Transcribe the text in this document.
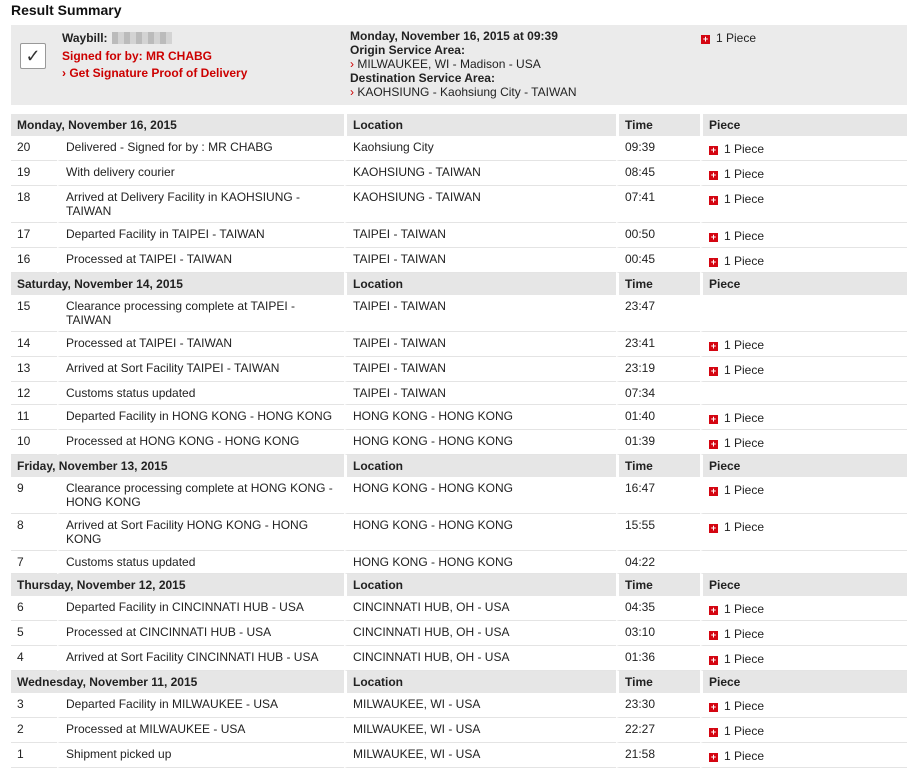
Result Summary
✓
Waybill:
Signed for by: MR CHABG
› Get Signature Proof of Delivery
Monday, November 16, 2015 at 09:39
Origin Service Area:
› MILWAUKEE, WI - Madison - USA
Destination Service Area:
› KAOHSIUNG - Kaohsiung City - TAIWAN
+ 1 Piece
Monday, November 16, 2015		Location	Time	Piece
20	Delivered - Signed for by : MR CHABG	Kaohsiung City	09:39	+ 1 Piece
19	With delivery courier	KAOHSIUNG - TAIWAN	08:45	+ 1 Piece
18	Arrived at Delivery Facility in KAOHSIUNG - TAIWAN	KAOHSIUNG - TAIWAN	07:41	+ 1 Piece
17	Departed Facility in TAIPEI - TAIWAN	TAIPEI - TAIWAN	00:50	+ 1 Piece
16	Processed at TAIPEI - TAIWAN	TAIPEI - TAIWAN	00:45	+ 1 Piece
Saturday, November 14, 2015		Location	Time	Piece
15	Clearance processing complete at TAIPEI - TAIWAN	TAIPEI - TAIWAN	23:47	
14	Processed at TAIPEI - TAIWAN	TAIPEI - TAIWAN	23:41	+ 1 Piece
13	Arrived at Sort Facility TAIPEI - TAIWAN	TAIPEI - TAIWAN	23:19	+ 1 Piece
12	Customs status updated	TAIPEI - TAIWAN	07:34	
11	Departed Facility in HONG KONG - HONG KONG	HONG KONG - HONG KONG	01:40	+ 1 Piece
10	Processed at HONG KONG - HONG KONG	HONG KONG - HONG KONG	01:39	+ 1 Piece
Friday, November 13, 2015		Location	Time	Piece
9	Clearance processing complete at HONG KONG - HONG KONG	HONG KONG - HONG KONG	16:47	+ 1 Piece
8	Arrived at Sort Facility HONG KONG - HONG KONG	HONG KONG - HONG KONG	15:55	+ 1 Piece
7	Customs status updated	HONG KONG - HONG KONG	04:22	
Thursday, November 12, 2015		Location	Time	Piece
6	Departed Facility in CINCINNATI HUB - USA	CINCINNATI HUB, OH - USA	04:35	+ 1 Piece
5	Processed at CINCINNATI HUB - USA	CINCINNATI HUB, OH - USA	03:10	+ 1 Piece
4	Arrived at Sort Facility CINCINNATI HUB - USA	CINCINNATI HUB, OH - USA	01:36	+ 1 Piece
Wednesday, November 11, 2015		Location	Time	Piece
3	Departed Facility in MILWAUKEE - USA	MILWAUKEE, WI - USA	23:30	+ 1 Piece
2	Processed at MILWAUKEE - USA	MILWAUKEE, WI - USA	22:27	+ 1 Piece
1	Shipment picked up	MILWAUKEE, WI - USA	21:58	+ 1 Piece
